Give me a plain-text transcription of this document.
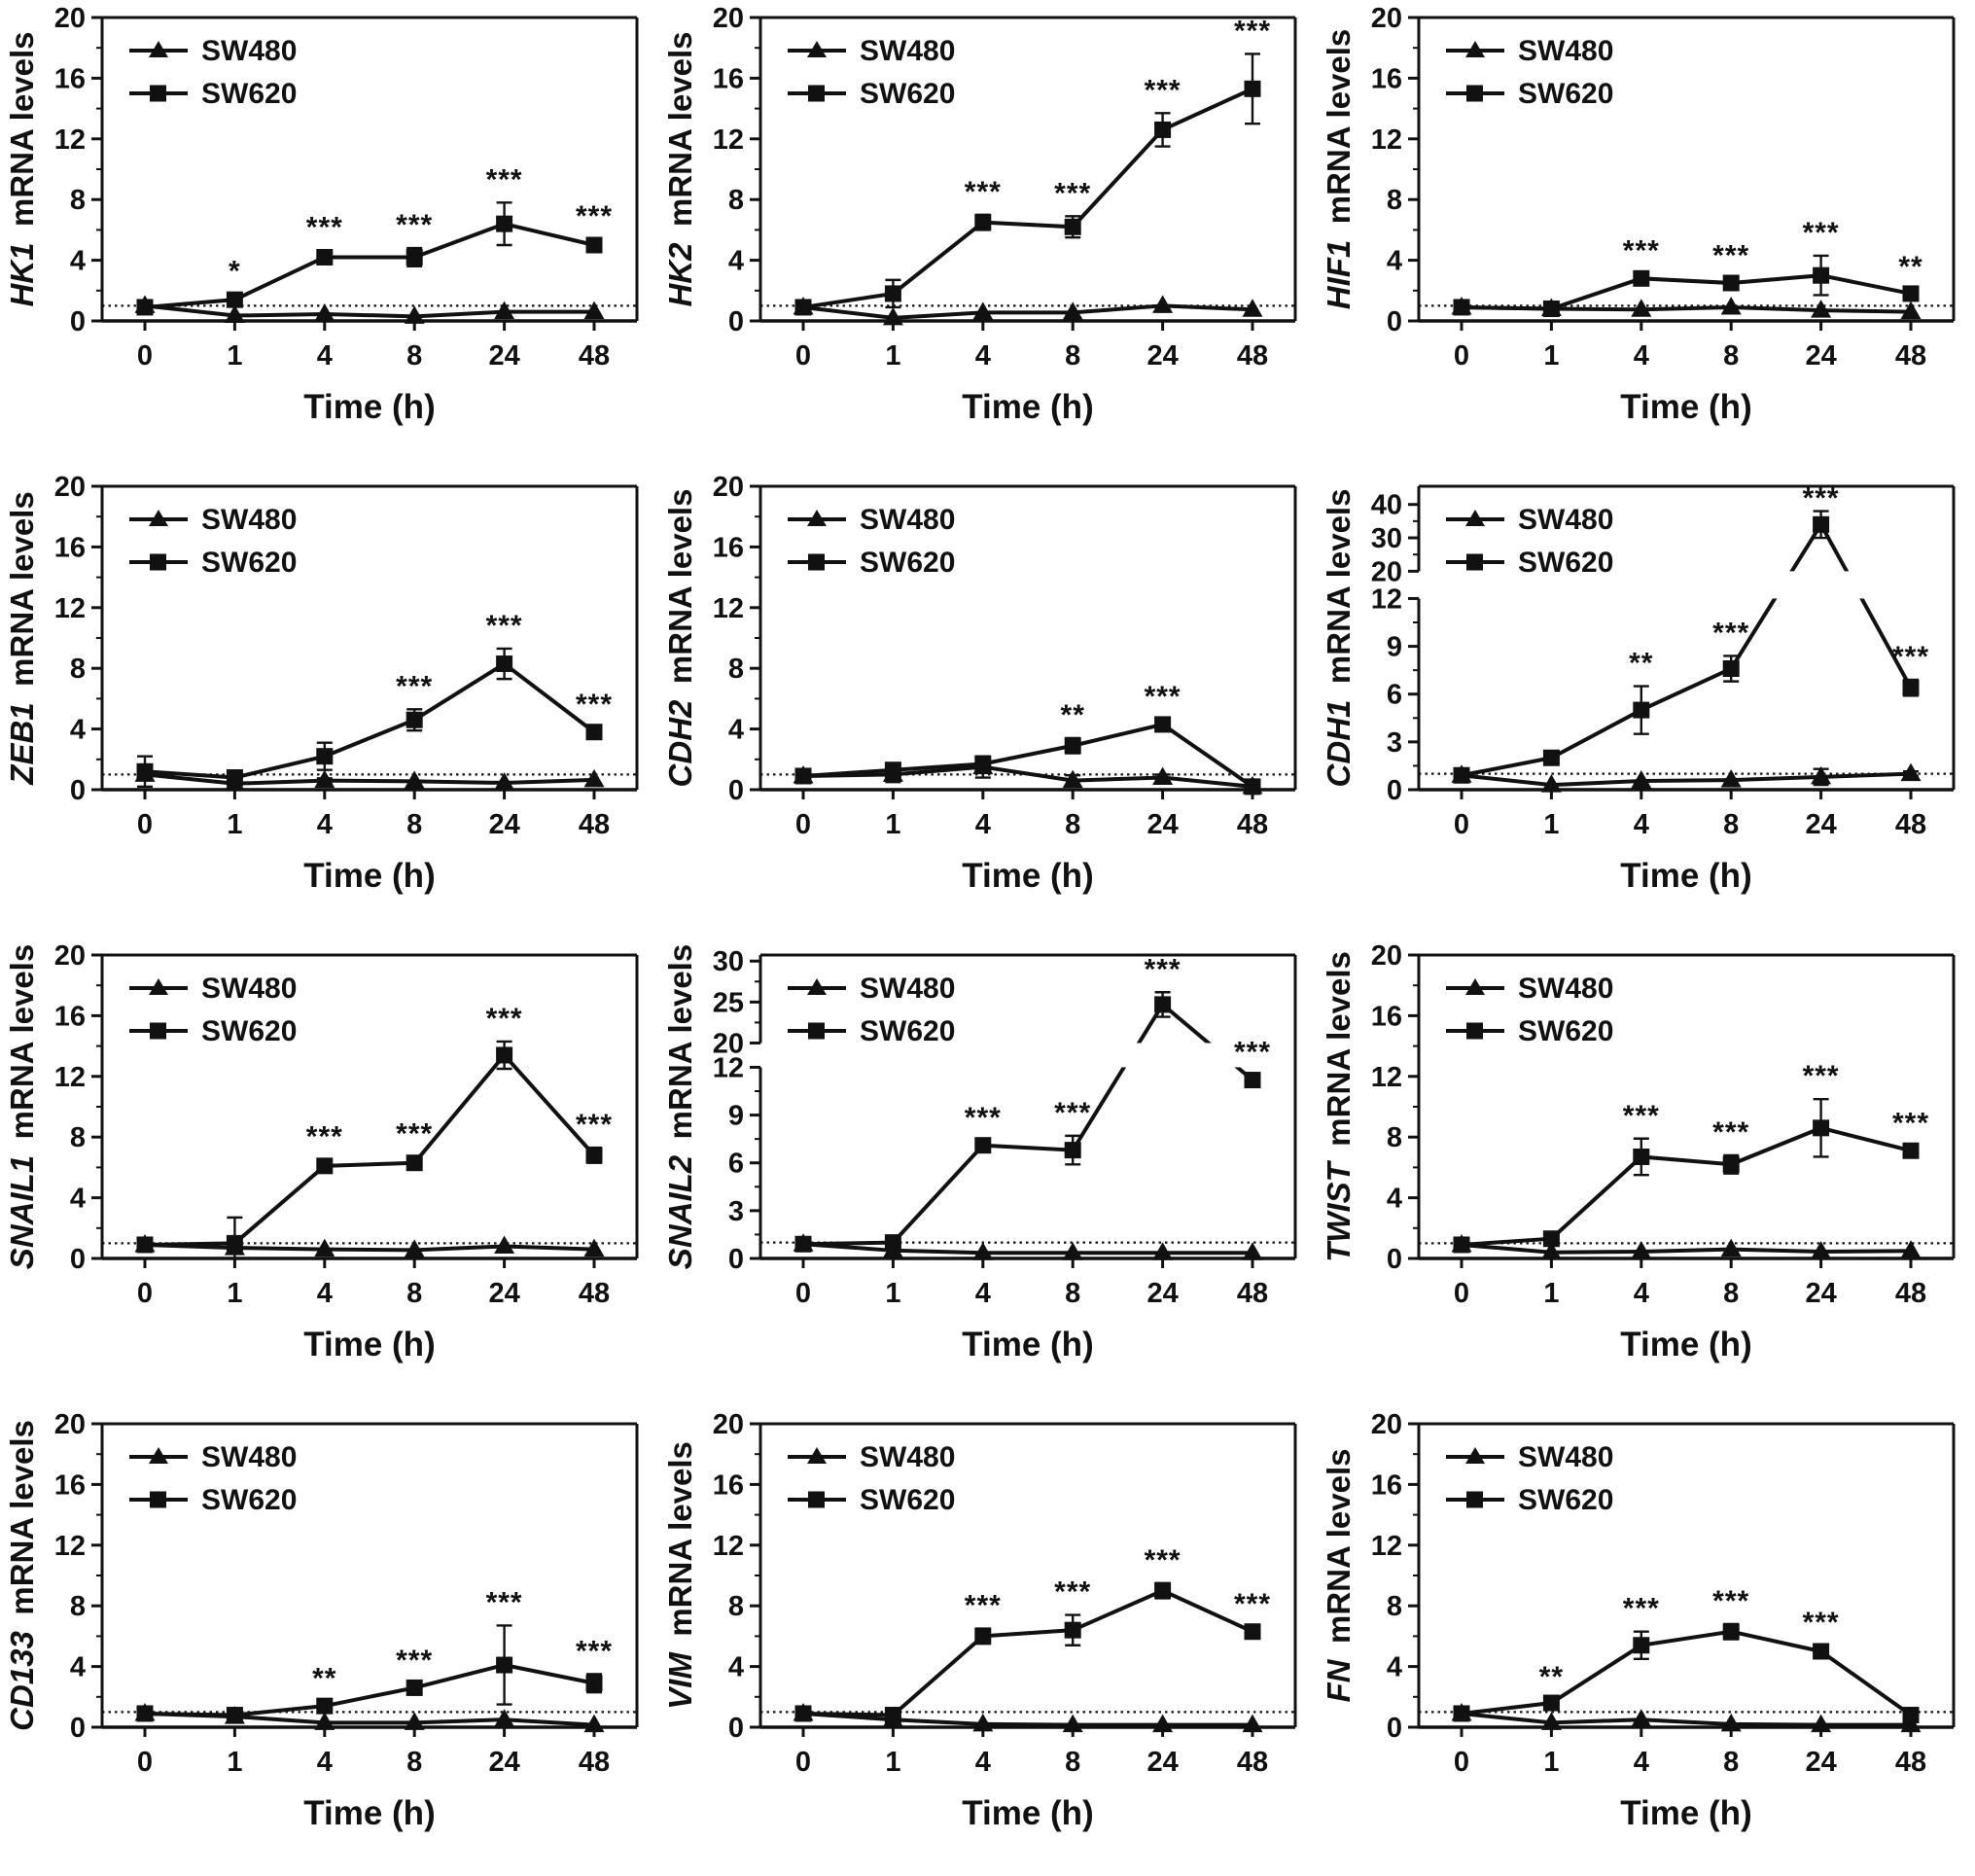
0
4
8
12
16
20
0	1	4	8 24 48
Time (h)
HK1 mRNA levels	SW480
SW620
*
*** ***
***
***
0
4
8
12
16
20
0	1	4	8 24 48
Time (h)
HK2 mRNA levels	SW480
SW620
*** ***
***
***
0
4
8
12
16
20
0	1	4	8 24 48
Time (h)
HIF1 mRNA levels	SW480
SW620
*** ***
***
**
0
4
8
12
16
20
0	1	4	8 24 48
Time (h)
ZEB1 mRNA levels	SW480
SW620
***
***
***
0
4
8
12
16
20
0	1	4	8 24 48
Time (h)
CDH2 mRNA levels	SW480
SW620
**
***
0
3
6
9
12
20
30
40
0	1	4	8 24 48
Time (h)
CDH1 mRNA levels	SW480
SW620
**
***
***
***
0
4
8
12
16
20
0	1	4	8 24 48
Time (h)
SNAIL1 mRNA levels	SW480
SW620
*** ***
***
***
0
3
6
9
12
20
25
30
0	1	4	8 24 48
Time (h)
SNAIL2 mRNA levels	SW480
SW620
*** ***
***
***
0
4
8
12
16
20
0	1	4	8 24 48
Time (h)
TWIST mRNA levels	SW480
SW620
***
***
***
***
0
4
8
12
16
20
0	1	4	8 24 48
Time (h)
CD133 mRNA levels	SW480
SW620
**
***
***
***
0
4
8
12
16
20
0	1	4	8 24 48
Time (h)
VIM mRNA levels	SW480
SW620
*** ***
***
***
0
4
8
12
16
20
0	1	4	8 24 48
Time (h)
FN mRNA levels	SW480
SW620
**
*** ***
***
